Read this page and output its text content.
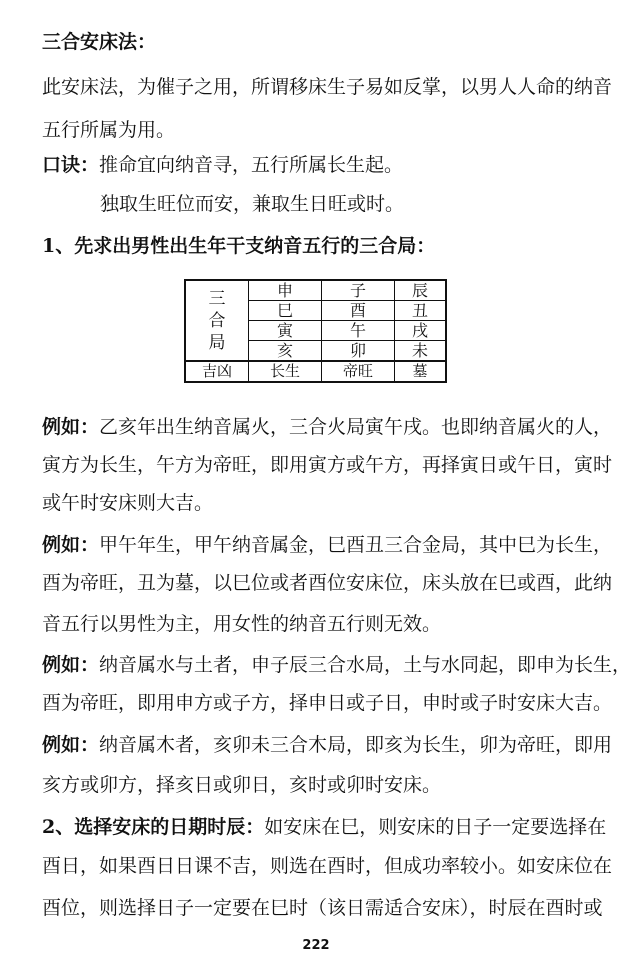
三合安床法：
此安床法，为催子之用，所谓移床生子易如反掌，以男人人命的纳音
五行所属为用。
口诀：推命宜向纳音寻，五行所属长生起。
独取生旺位而安，兼取生日旺或时。
1、先求出男性出生年干支纳音五行的三合局：
三
合
局	申	子	辰
	巳	酉	丑
	寅	午	戌
	亥	卯	未
吉凶	长生	帝旺	墓
例如：乙亥年出生纳音属火，三合火局寅午戌。也即纳音属火的人，
寅方为长生，午方为帝旺，即用寅方或午方，再择寅日或午日，寅时
或午时安床则大吉。
例如：甲午年生，甲午纳音属金，巳酉丑三合金局，其中巳为长生，
酉为帝旺，丑为墓，以巳位或者酉位安床位，床头放在巳或酉，此纳
音五行以男性为主，用女性的纳音五行则无效。
例如：纳音属水与土者，申子辰三合水局，土与水同起，即申为长生，
酉为帝旺，即用申方或子方，择申日或子日，申时或子时安床大吉。
例如：纳音属木者，亥卯未三合木局，即亥为长生，卯为帝旺，即用
亥方或卯方，择亥日或卯日，亥时或卯时安床。
2、选择安床的日期时辰：如安床在巳，则安床的日子一定要选择在
酉日，如果酉日日课不吉，则选在酉时，但成功率较小。如安床位在
酉位，则选择日子一定要在巳时（该日需适合安床），时辰在酉时或
222
